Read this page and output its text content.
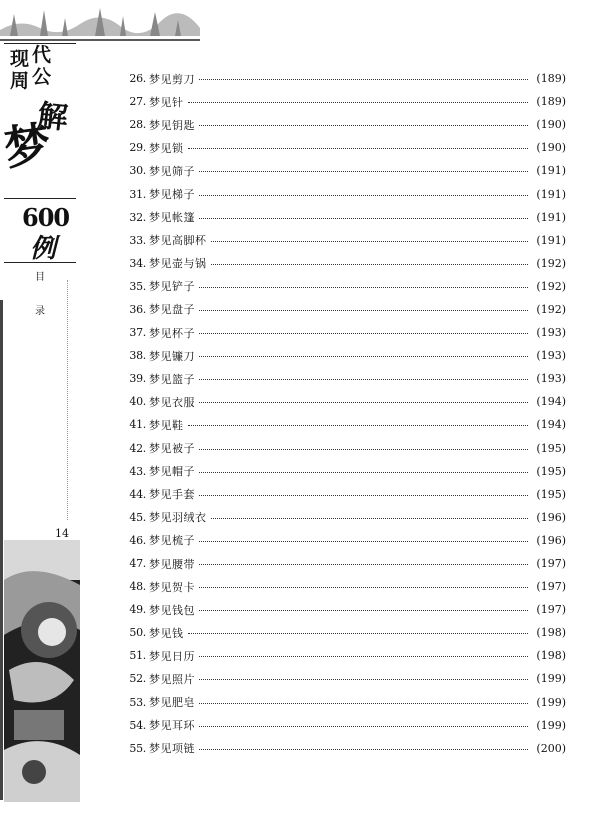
现 代
周 公
解
梦
600
例
目
录
14
26. 梦见剪刀	(189)
27. 梦见针	(189)
28. 梦见钥匙	(190)
29. 梦见锁	(190)
30. 梦见筛子	(191)
31. 梦见梯子	(191)
32. 梦见帐篷	(191)
33. 梦见高脚杯	(191)
34. 梦见壶与锅	(192)
35. 梦见铲子	(192)
36. 梦见盘子	(192)
37. 梦见杯子	(193)
38. 梦见镰刀	(193)
39. 梦见篮子	(193)
40. 梦见衣服	(194)
41. 梦见鞋	(194)
42. 梦见被子	(195)
43. 梦见帽子	(195)
44. 梦见手套	(195)
45. 梦见羽绒衣	(196)
46. 梦见梳子	(196)
47. 梦见腰带	(197)
48. 梦见贺卡	(197)
49. 梦见钱包	(197)
50. 梦见钱	(198)
51. 梦见日历	(198)
52. 梦见照片	(199)
53. 梦见肥皂	(199)
54. 梦见耳环	(199)
55. 梦见项链	(200)
